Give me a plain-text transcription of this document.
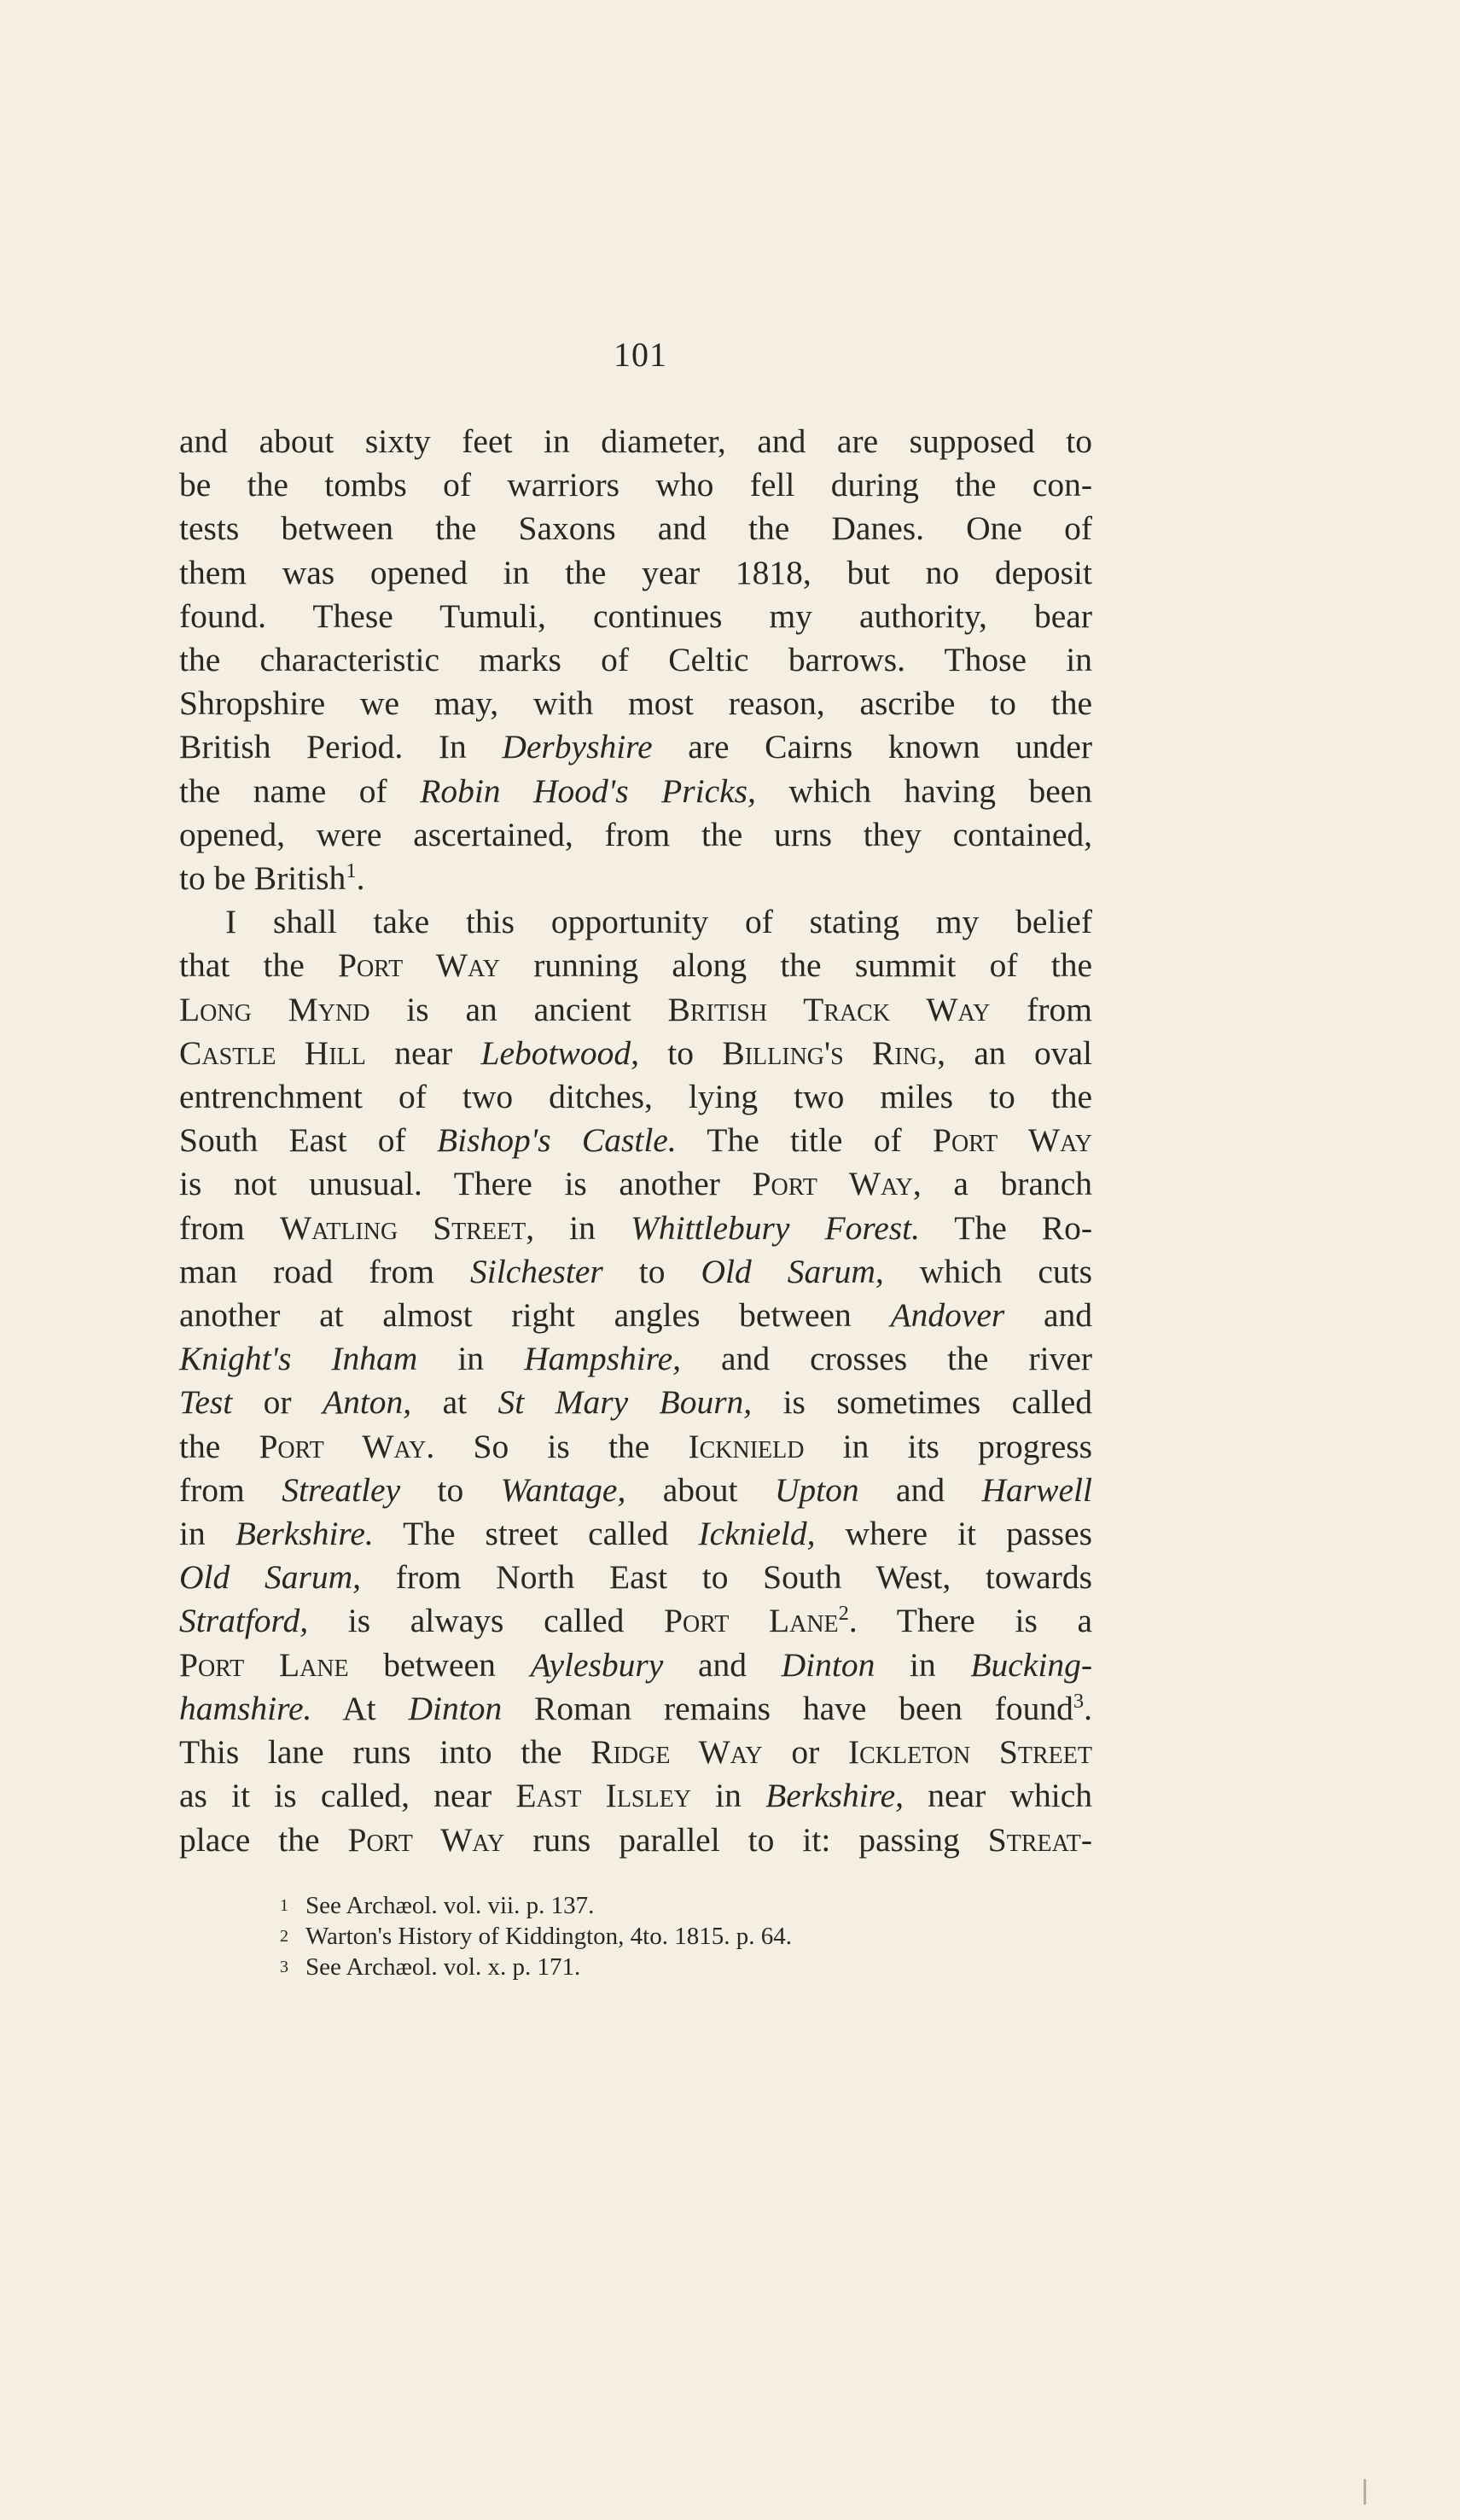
101
and about sixty feet in diameter, and are supposed to
be the tombs of warriors who fell during the con-
tests between the Saxons and the Danes. One of
them was opened in the year 1818, but no deposit
found. These Tumuli, continues my authority, bear
the characteristic marks of Celtic barrows. Those in
Shropshire we may, with most reason, ascribe to the
British Period. In Derbyshire are Cairns known under
the name of Robin Hood's Pricks, which having been
opened, were ascertained, from the urns they contained,
to be British$^1$.
I shall take this opportunity of stating my belief
that the Port Way running along the summit of the
Long Mynd is an ancient British Track Way from
Castle Hill near Lebotwood, to Billing's Ring, an oval
entrenchment of two ditches, lying two miles to the
South East of Bishop's Castle. The title of Port Way
is not unusual. There is another Port Way, a branch
from Watling Street, in Whittlebury Forest. The Ro-
man road from Silchester to Old Sarum, which cuts
another at almost right angles between Andover and
Knight's Inham in Hampshire, and crosses the river
Test or Anton, at St Mary Bourn, is sometimes called
the Port Way. So is the Icknield in its progress
from Streatley to Wantage, about Upton and Harwell
in Berkshire. The street called Icknield, where it passes
Old Sarum, from North East to South West, towards
Stratford, is always called Port Lane$^2$. There is a
Port Lane between Aylesbury and Dinton in Bucking-
hamshire. At Dinton Roman remains have been found$^3$.
This lane runs into the Ridge Way or Ickleton Street
as it is called, near East Ilsley in Berkshire, near which
place the Port Way runs parallel to it: passing Streat-
1 See Archæol. vol. vii. p. 137.
2 Warton's History of Kiddington, 4to. 1815. p. 64.
3 See Archæol. vol. x. p. 171.
